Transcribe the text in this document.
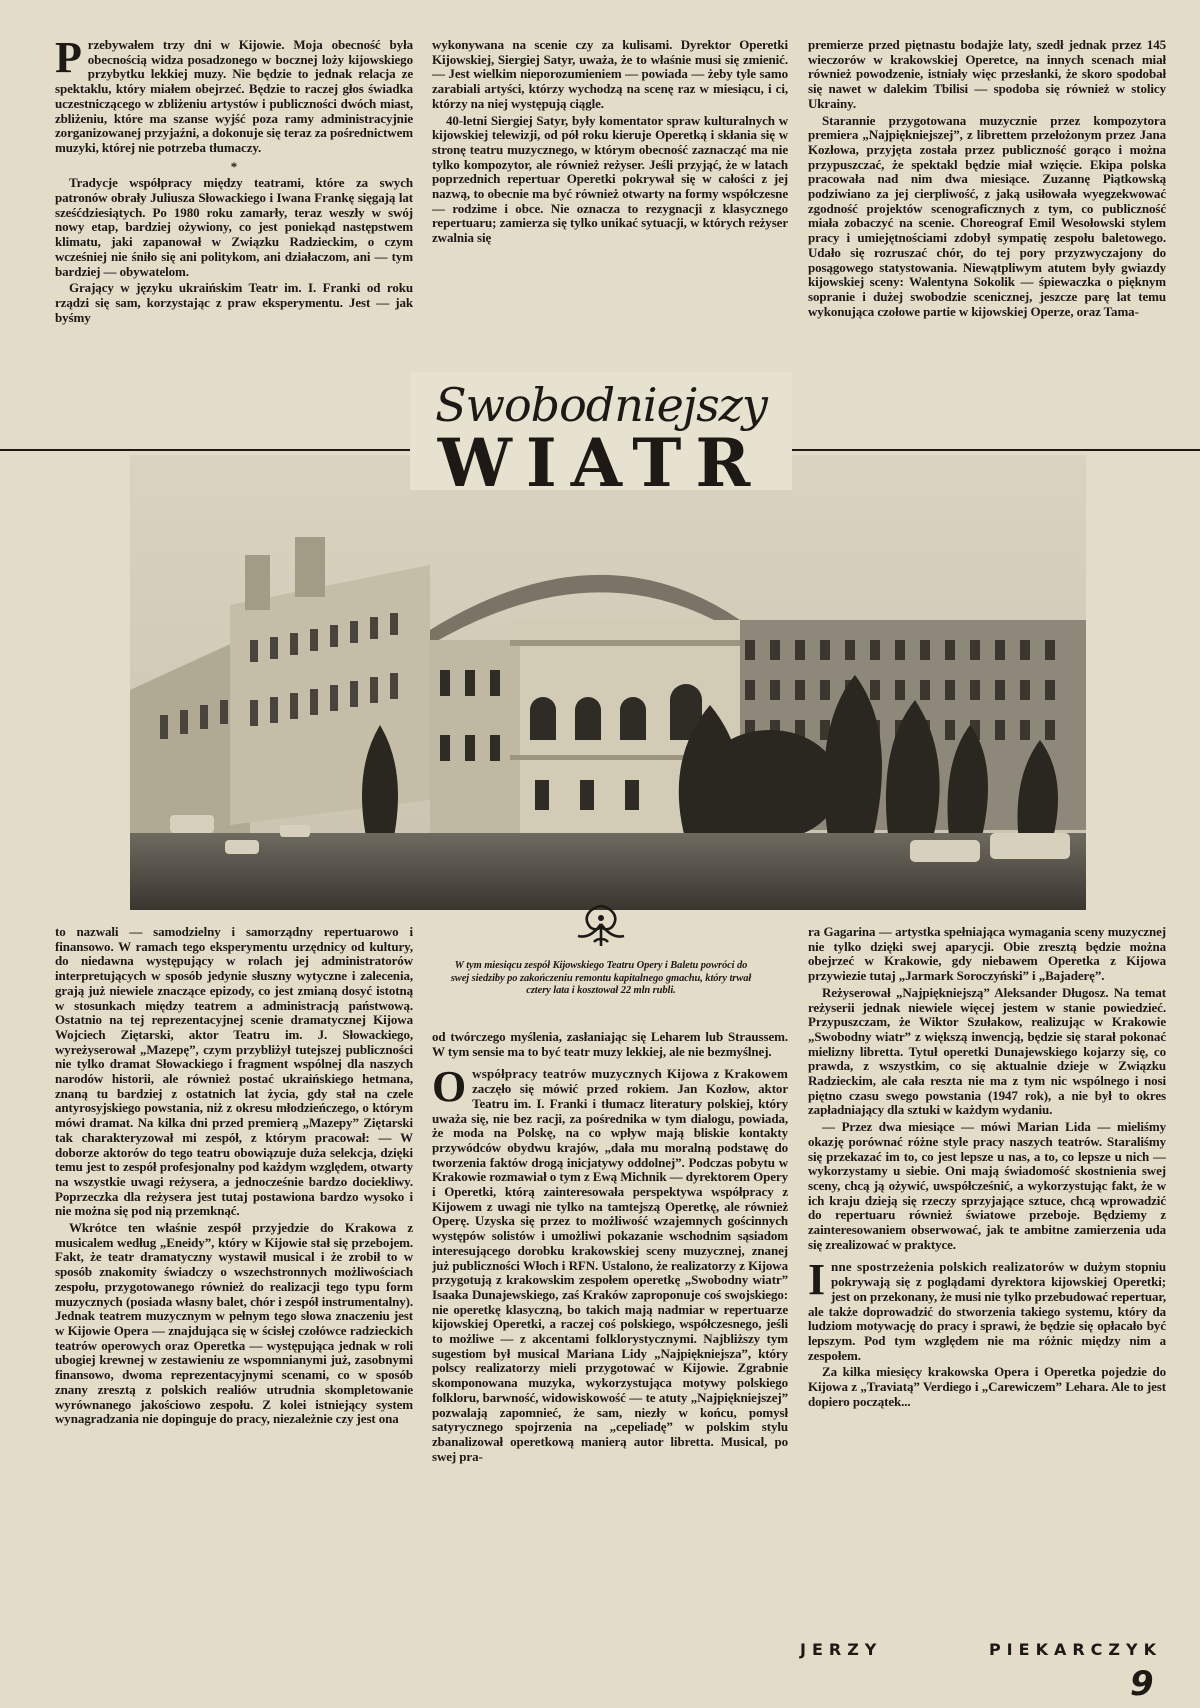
Przebywałem trzy dni w Kijowie. Moja obecność była obecnością widza posadzonego w bocznej loży kijowskiego przybytku lekkiej muzy. Nie będzie to jednak relacja ze spektaklu, który miałem obejrzeć. Będzie to raczej głos świadka uczestniczącego w zbliżeniu artystów i publiczności dwóch miast, zbliżeniu, które ma szanse wyjść poza ramy administracyjnie zorganizowanej przyjaźni, a dokonuje się teraz za pośrednictwem muzyki, której nie potrzeba tłumaczy.

*

Tradycje współpracy między teatrami, które za swych patronów obrały Juliusza Słowackiego i Iwana Frankę sięgają lat sześćdziesiątych. Po 1980 roku zamarły, teraz weszły w swój nowy etap, bardziej ożywiony, co jest poniekąd następstwem klimatu, jaki zapanował w Związku Radzieckim, o czym wcześniej nie śniło się ani politykom, ani działaczom, ani — tym bardziej — obywatelom.

Grający w języku ukraińskim Teatr im. I. Franki od roku rządzi się sam, korzystając z praw eksperymentu. Jest — jak byśmy

wykonywana na scenie czy za kulisami. Dyrektor Operetki Kijowskiej, Siergiej Satyr, uważa, że to właśnie musi się zmienić. — Jest wielkim nieporozumieniem — powiada — żeby tyle samo zarabiali artyści, którzy wychodzą na scenę raz w miesiącu, i ci, którzy na niej występują ciągle.

40-letni Siergiej Satyr, były komentator spraw kulturalnych w kijowskiej telewizji, od pół roku kieruje Operetką i skłania się w stronę teatru muzycznego, w którym obecność zaznacząć ma nie tylko kompozytor, ale również reżyser. Jeśli przyjąć, że w latach poprzednich repertuar Operetki pokrywał się w całości z jej nazwą, to obecnie ma być również otwarty na formy współczesne — rodzime i obce. Nie oznacza to rezygnacji z klasycznego repertuaru; zamierza się tylko unikać sytuacji, w których reżyser zwalnia się

premierze przed piętnastu bodajże laty, szedł jednak przez 145 wieczorów w krakowskiej Operetce, na innych scenach miał również powodzenie, istniały więc przesłanki, że skoro spodobał się nawet w dalekim Tbilisi — spodoba się również w stolicy Ukrainy.

Starannie przygotowana muzycznie przez kompozytora premiera „Najpiękniejszej”, z librettem przełożonym przez Jana Kozłowa, przyjęta została przez publiczność gorąco i można przypuszczać, że spektakl będzie miał wzięcie. Ekipa polska pracowała nad nim dwa miesiące. Zuzannę Piątkowską podziwiano za jej cierpliwość, z jaką usiłowała wyegzekwować zgodność projektów scenograficznych z tym, co publiczność miała zobaczyć na scenie. Choreograf Emil Wesołowski stylem pracy i umiejętnościami zdobył sympatię zespołu baletowego. Udało się rozruszać chór, do tej pory przyzwyczajony do posągowego statystowania. Niewątpliwym atutem były gwiazdy kijowskiej sceny: Walentyna Sokolik — śpiewaczka o pięknym sopranie i dużej swobodzie scenicznej, jeszcze parę lat temu wykonująca czołowe partie w kijowskiej Operze, oraz Tama-

Swobodniejszy
WIATR
W tym miesiącu zespół Kijowskiego Teatru Opery i Baletu powróci do swej siedziby po zakończeniu remontu kapitalnego gmachu, który trwał cztery lata i kosztował 22 mln rubli.

to nazwali — samodzielny i samorządny repertuarowo i finansowo. W ramach tego eksperymentu urzędnicy od kultury, do niedawna występujący w rolach jej administratorów interpretujących w sposób jedynie słuszny wytyczne i zalecenia, grają już niewiele znaczące epizody, co jest zmianą dosyć istotną w stosunkach między teatrem a administracją państwową. Ostatnio na tej reprezentacyjnej scenie dramatycznej Kijowa Wojciech Ziętarski, aktor Teatru im. J. Słowackiego, wyreżyserował „Mazepę”, czym przybliżył tutejszej publiczności nie tylko dramat Słowackiego i fragment wspólnej dla naszych narodów historii, ale również postać ukraińskiego hetmana, znaną tu bardziej z ostatnich lat życia, gdy stał na czele antyrosyjskiego powstania, niż z okresu młodzieńczego, o którym mówi dramat. Na kilka dni przed premierą „Mazepy” Ziętarski tak charakteryzował mi zespół, z którym pracował: — W doborze aktorów do tego teatru obowiązuje duża selekcja, dzięki temu jest to zespół profesjonalny pod każdym względem, otwarty na wszystkie uwagi reżysera, a jednocześnie bardzo dociekliwy. Poprzeczka dla reżysera jest tutaj postawiona bardzo wysoko i nie można się pod nią przemknąć.

Wkrótce ten właśnie zespół przyjedzie do Krakowa z musicalem według „Eneidy”, który w Kijowie stał się przebojem. Fakt, że teatr dramatyczny wystawił musical i że zrobił to w sposób znakomity świadczy o wszechstronnych możliwościach zespołu, przygotowanego również do realizacji tego typu form muzycznych (posiada własny balet, chór i zespół instrumentalny). Jednak teatrem muzycznym w pełnym tego słowa znaczeniu jest w Kijowie Opera — znajdująca się w ścisłej czołówce radzieckich teatrów operowych oraz Operetka — występująca jednak w roli ubogiej krewnej w zestawieniu ze wspomnianymi już, zasobnymi finansowo, dwoma reprezentacyjnymi scenami, co w sposób znany zresztą z polskich realiów utrudnia skompletowanie wyrównanego jakościowo zespołu. Z kolei istniejący system wynagradzania nie dopinguje do pracy, niezależnie czy jest ona

od twórczego myślenia, zasłaniając się Leharem lub Straussem. W tym sensie ma to być teatr muzy lekkiej, ale nie bezmyślnej.

Owspółpracy teatrów muzycznych Kijowa z Krakowem zaczęło się mówić przed rokiem. Jan Kozłow, aktor Teatru im. I. Franki i tłumacz literatury polskiej, który uważa się, nie bez racji, za pośrednika w tym dialogu, powiada, że moda na Polskę, na co wpływ mają bliskie kontakty przywódców obydwu krajów, „dała mu moralną podstawę do tworzenia faktów drogą inicjatywy oddolnej”. Podczas pobytu w Krakowie rozmawiał o tym z Ewą Michnik — dyrektorem Opery i Operetki, którą zainteresowała perspektywa współpracy z Kijowem z uwagi nie tylko na tamtejszą Operetkę, ale również Operę. Uzyska się przez to możliwość wzajemnych gościnnych występów solistów i umożliwi pokazanie wschodnim sąsiadom interesującego dorobku krakowskiej sceny muzycznej, znanej już publiczności Włoch i RFN. Ustalono, że realizatorzy z Kijowa przygotują z krakowskim zespołem operetkę „Swobodny wiatr” Isaaka Dunajewskiego, zaś Kraków zaproponuje coś swojskiego: nie operetkę klasyczną, bo takich mają nadmiar w repertuarze kijowskiej Operetki, a raczej coś polskiego, współczesnego, jeśli to możliwe — z akcentami folklorystycznymi. Najbliższy tym sugestiom był musical Mariana Lidy „Najpiękniejsza”, który polscy realizatorzy mieli przygotować w Kijowie. Zgrabnie skomponowana muzyka, wykorzystująca motywy polskiego folkloru, barwność, widowiskowość — te atuty „Najpiękniejszej” pozwalają zapomnieć, że sam, niezły w końcu, pomysł satyrycznego spojrzenia na „cepeliadę” w polskim stylu zbanalizował operetkową manierą autor libretta. Musical, po swej pra-

ra Gagarina — artystka spełniająca wymagania sceny muzycznej nie tylko dzięki swej aparycji. Obie zresztą będzie można obejrzeć w Krakowie, gdy niebawem Operetka z Kijowa przywiezie tutaj „Jarmark Soroczyński” i „Bajaderę”.

Reżyserował „Najpiękniejszą” Aleksander Długosz. Na temat reżyserii jednak niewiele więcej jestem w stanie powiedzieć. Przypuszczam, że Wiktor Szułakow, realizując w Krakowie „Swobodny wiatr” z większą inwencją, będzie się starał pokonać mielizny libretta. Tytuł operetki Dunajewskiego kojarzy się, co prawda, z wszystkim, co się aktualnie dzieje w Związku Radzieckim, ale cała reszta nie ma z tym nic wspólnego i nosi piętno czasu swego powstania (1947 rok), a nie był to okres zapładniający dla sztuki w każdym wydaniu.

— Przez dwa miesiące — mówi Marian Lida — mieliśmy okazję porównać różne style pracy naszych teatrów. Staraliśmy się przekazać im to, co jest lepsze u nas, a to, co lepsze u nich — wykorzystamy u siebie. Oni mają świadomość skostnienia swej sceny, chcą ją ożywić, uwspółcześnić, a wykorzystując fakt, że w ich kraju dzieją się rzeczy sprzyjające sztuce, chcą wprowadzić do repertuaru również światowe przeboje. Będziemy z zainteresowaniem obserwować, jak te ambitne zamierzenia uda się zrealizować w praktyce.

Inne spostrzeżenia polskich realizatorów w dużym stopniu pokrywają się z poglądami dyrektora kijowskiej Operetki; jest on przekonany, że musi nie tylko przebudować repertuar, ale także doprowadzić do stworzenia takiego systemu, który da ludziom motywację do pracy i sprawi, że będzie się opłacało być lepszym. Pod tym względem nie ma różnic między nim a zespołem.

Za kilka miesięcy krakowska Opera i Operetka pojedzie do Kijowa z „Traviatą” Verdiego i „Carewiczem” Lehara. Ale to jest dopiero początek...

JERZY	PIEKARCZYK
9
